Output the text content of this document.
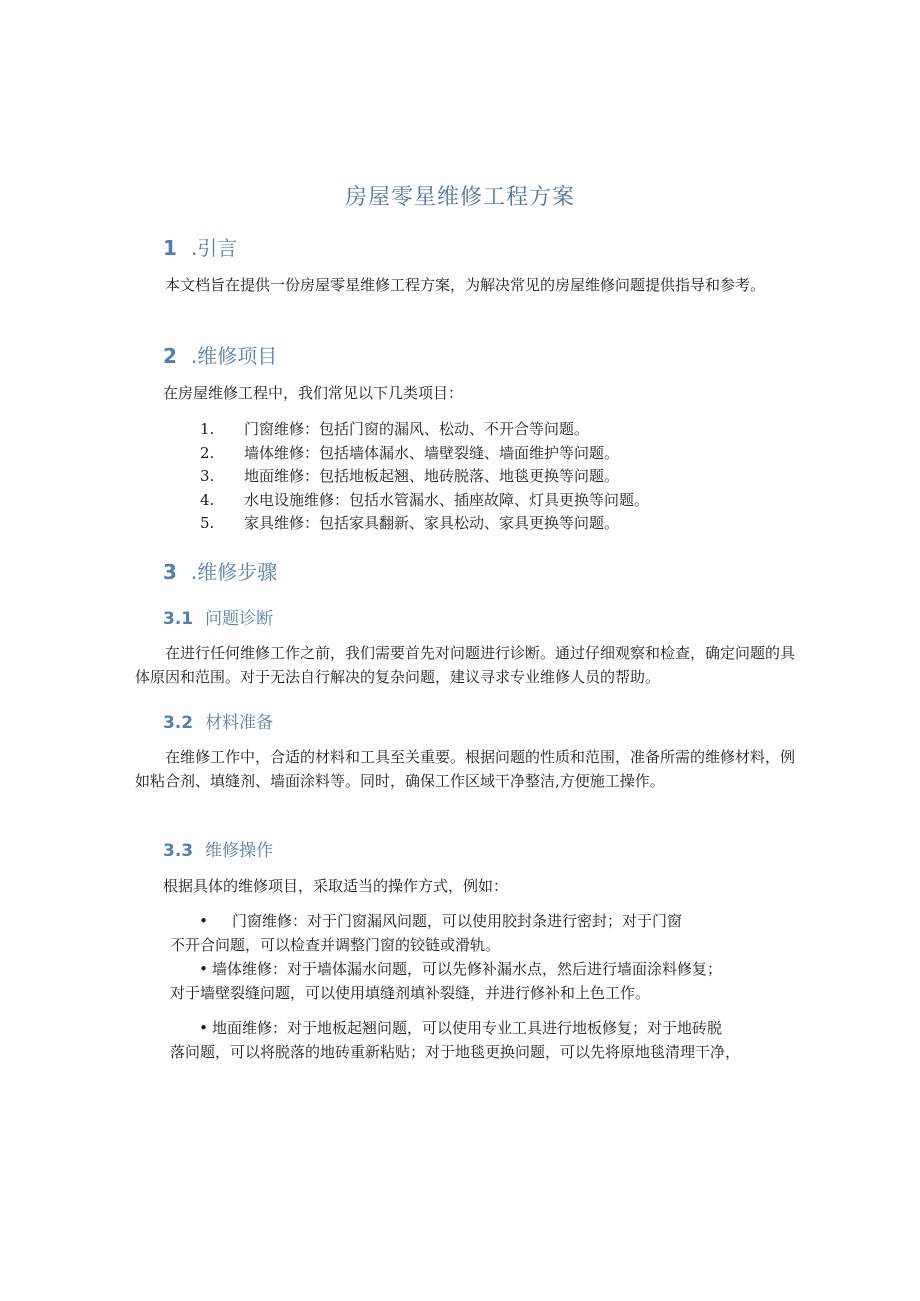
房屋零星维修工程方案
1 .引言
本文档旨在提供一份房屋零星维修工程方案，为解决常见的房屋维修问题提供指导和参考。
2 .维修项目
在房屋维修工程中，我们常见以下几类项目：
1.	门窗维修：包括门窗的漏风、松动、不开合等问题。
2.	墙体维修：包括墙体漏水、墙壁裂缝、墙面维护等问题。
3.	地面维修：包括地板起翘、地砖脱落、地毯更换等问题。
4.	水电设施维修：包括水管漏水、插座故障、灯具更换等问题。
5.	家具维修：包括家具翻新、家具松动、家具更换等问题。
3 .维修步骤
3.1 问题诊断
在进行任何维修工作之前，我们需要首先对问题进行诊断。通过仔细观察和检查，确定问题的具体原因和范围。对于无法自行解决的复杂问题，建议寻求专业维修人员的帮助。
3.2 材料准备
在维修工作中，合适的材料和工具至关重要。根据问题的性质和范围，准备所需的维修材料，例如粘合剂、填缝剂、墙面涂料等。同时，确保工作区域干净整洁,方便施工操作。
3.3 维修操作
根据具体的维修项目，采取适当的操作方式，例如：
• 门窗维修：对于门窗漏风问题，可以使用胶封条进行密封；对于门窗
不开合问题，可以检查并调整门窗的铰链或滑轨。
• 墙体维修：对于墙体漏水问题，可以先修补漏水点，然后进行墙面涂料修复；
对于墙壁裂缝问题，可以使用填缝剂填补裂缝，并进行修补和上色工作。
• 地面维修：对于地板起翘问题，可以使用专业工具进行地板修复；对于地砖脱
落问题，可以将脱落的地砖重新粘贴；对于地毯更换问题，可以先将原地毯清理干净，
